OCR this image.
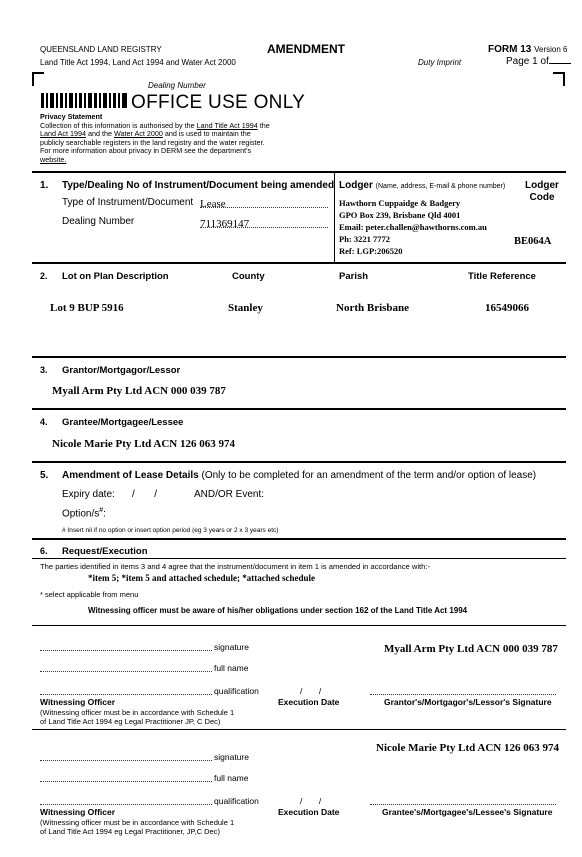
QUEENSLAND LAND REGISTRY
Land Title Act 1994, Land Act 1994 and Water Act 2000
AMENDMENT
Duty Imprint
FORM 13 Version 6
Page 1 of
Dealing Number
OFFICE USE ONLY
Privacy Statement
Collection of this information is authorised by the Land Title Act 1994 the
Land Act 1994 and the Water Act 2000 and is used to maintain the
publicly searchable registers in the land registry and the water register.
For more information about privacy in DERM see the department's
website.
1. Type/Dealing No of Instrument/Document being amended
Type of Instrument/Document Lease
Dealing Number	711369147
Lodger (Name, address, E-mail & phone number)	Lodger Code
Hawthorn Cuppaidge & Badgery
GPO Box 239, Brisbane Qld 4001
Email: peter.challen@hawthorns.com.au
Ph: 3221 7772
Ref: LGP:206520
BE064A
2. Lot on Plan Description	County	Parish	Title Reference
Lot 9 BUP 5916	Stanley	North Brisbane	16549066
3. Grantor/Mortgagor/Lessor
Myall Arm Pty Ltd ACN 000 039 787
4. Grantee/Mortgagee/Lessee
Nicole Marie Pty Ltd ACN 126 063 974
5. Amendment of Lease Details (Only to be completed for an amendment of the term and/or option of lease)
Expiry date: /       /	AND/OR Event:
Option/s#:
# Insert nil if no option or insert option period (eg 3 years or 2 x 3 years etc)
6. Request/Execution
The parties identified in items 3 and 4 agree that the instrument/document in item 1 is amended in accordance with:-
*item 5; *item 5 and attached schedule; *attached schedule
* select applicable from menu
Witnessing officer must be aware of his/her obligations under section 162 of the Land Title Act 1994
signature	Myall Arm Pty Ltd ACN 000 039 787
full name
qualification	/       /
Witnessing Officer	Execution Date	Grantor's/Mortgagor's/Lessor's Signature
(Witnessing officer must be in accordance with Schedule 1
of Land Title Act 1994 eg Legal Practitioner JP, C Dec)
Nicole Marie Pty Ltd ACN 126 063 974
signature
full name
qualification	/       /
Witnessing Officer	Execution Date	Grantee's/Mortgagee's/Lessee's Signature
(Witnessing officer must be in accordance with Schedule 1
of Land Title Act 1994 eg Legal Practitioner, JP,C Dec)
